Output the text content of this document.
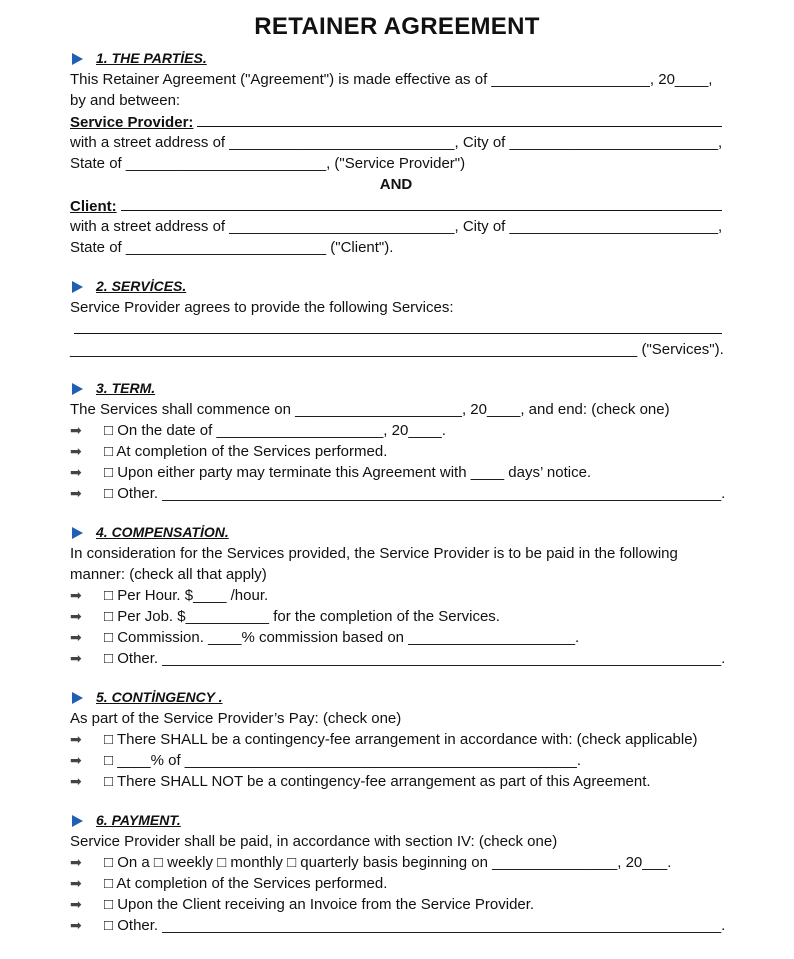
RETAINER AGREEMENT
1. THE PARTİES.
This Retainer Agreement ("Agreement") is made effective as of ___________________, 20____,
by and between:
Service Provider:
with a street address of ___________________________, City of _________________________,
State of ________________________, ("Service Provider")
AND
Client:
with a street address of ___________________________, City of _________________________,
State of ________________________ ("Client").
2. SERVİCES.
Service Provider agrees to provide the following Services:
____________________________________________________________________ ("Services").
3. TERM.
The Services shall commence on ____________________, 20____, and end: (check one)
➡ □ On the date of ____________________, 20____.
➡ □ At completion of the Services performed.
➡ □ Upon either party may terminate this Agreement with ____ days’ notice.
➡ □ Other. ___________________________________________________________________.
4. COMPENSATİON.
In consideration for the Services provided, the Service Provider is to be paid in the following
manner: (check all that apply)
➡ □ Per Hour. $____ /hour.
➡ □ Per Job. $__________ for the completion of the Services.
➡ □ Commission. ____% commission based on ____________________.
➡ □ Other. ___________________________________________________________________.
5. CONTİNGENCY .
As part of the Service Provider’s Pay: (check one)
➡ □ There SHALL be a contingency-fee arrangement in accordance with: (check applicable)
➡ □ ____% of _______________________________________________.
➡ □ There SHALL NOT be a contingency-fee arrangement as part of this Agreement.
6. PAYMENT.
Service Provider shall be paid, in accordance with section IV: (check one)
➡ □ On a □ weekly □ monthly □ quarterly basis beginning on _______________, 20___.
➡ □ At completion of the Services performed.
➡ □ Upon the Client receiving an Invoice from the Service Provider.
➡ □ Other. ___________________________________________________________________.
